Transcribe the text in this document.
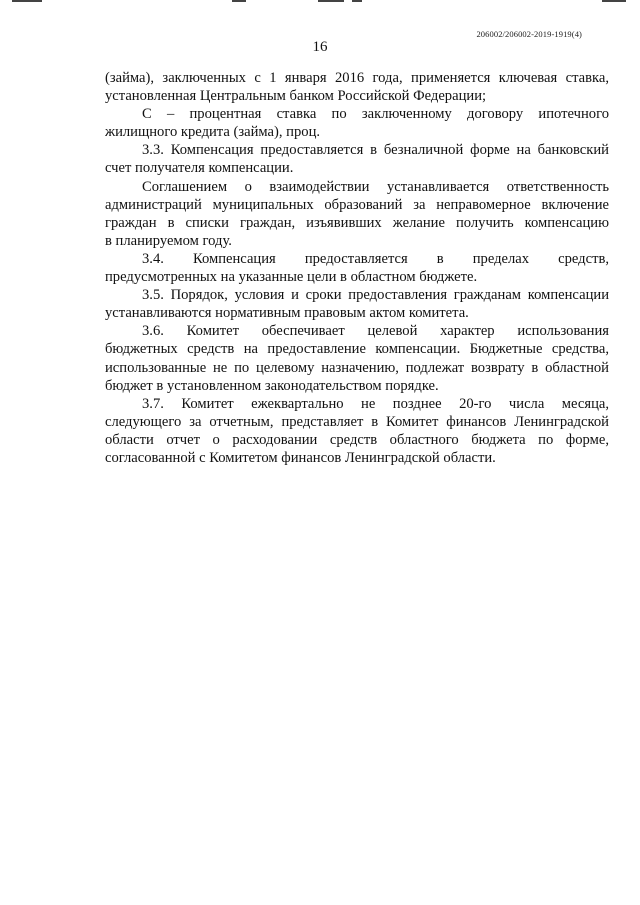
206002/206002-2019-1919(4)
16
(займа), заключенных с 1 января 2016 года, применяется ключевая ставка,
установленная Центральным банком Российской Федерации;
С – процентная ставка по заключенному договору ипотечного
жилищного кредита (займа), проц.
3.3. Компенсация предоставляется в безналичной форме на банковский
счет получателя компенсации.
Соглашением о взаимодействии устанавливается ответственность
администраций муниципальных образований за неправомерное включение
граждан в списки граждан, изъявивших желание получить компенсацию
в планируемом году.
3.4. Компенсация предоставляется в пределах средств,
предусмотренных на указанные цели в областном бюджете.
3.5. Порядок, условия и сроки предоставления гражданам компенсации
устанавливаются нормативным правовым актом комитета.
3.6. Комитет обеспечивает целевой характер использования
бюджетных средств на предоставление компенсации. Бюджетные средства,
использованные не по целевому назначению, подлежат возврату в областной
бюджет в установленном законодательством порядке.
3.7. Комитет ежеквартально не позднее 20-го числа месяца,
следующего за отчетным, представляет в Комитет финансов Ленинградской
области отчет о расходовании средств областного бюджета по форме,
согласованной с Комитетом финансов Ленинградской области.
